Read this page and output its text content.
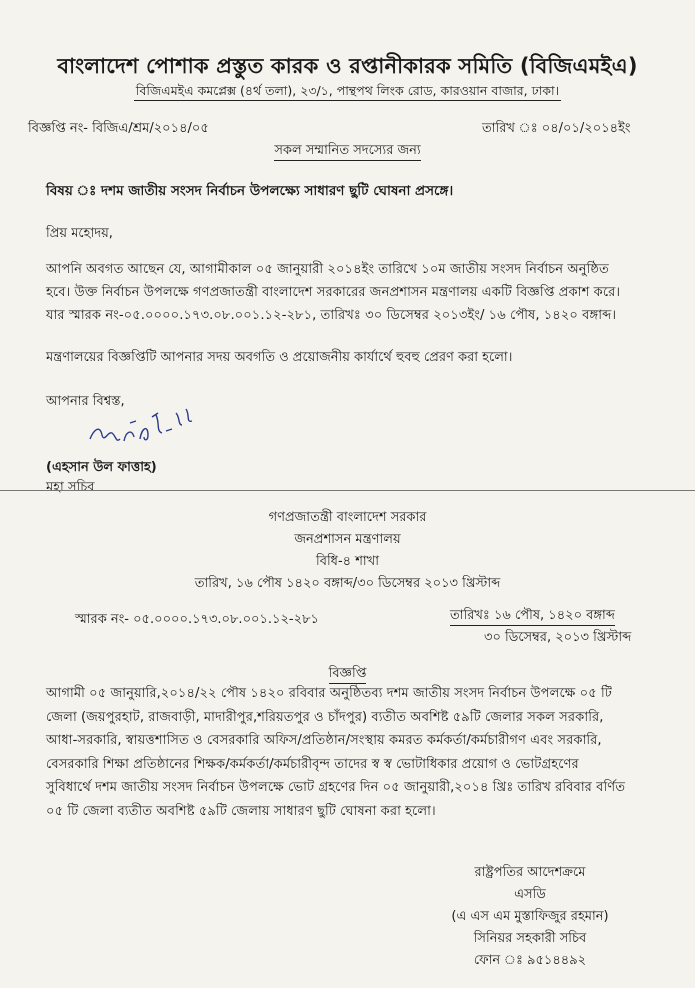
বাংলাদেশ পোশাক প্রস্তুত কারক ও রপ্তানীকারক সমিতি (বিজিএমইএ)
বিজিএমইএ কমপ্লেক্স (৪র্থ তলা), ২৩/১, পান্থপথ লিংক রোড, কারওয়ান বাজার, ঢাকা।
বিজ্ঞপ্তি নং- বিজিএ/শ্রম/২০১৪/০৫	তারিখ ঃ ০৪/০১/২০১৪ইং
সকল সম্মানিত সদস্যের জন্য
বিষয় ঃ দশম জাতীয় সংসদ নির্বাচন উপলক্ষ্যে সাধারণ ছুটি ঘোষনা প্রসঙ্গে।
প্রিয় মহোদয়,
আপনি অবগত আছেন যে, আগামীকাল ০৫ জানুয়ারী ২০১৪ইং তারিখে ১০ম জাতীয় সংসদ নির্বাচন অনুষ্ঠিত
হবে। উক্ত নির্বাচন উপলক্ষে গণপ্রজাতন্ত্রী বাংলাদেশ সরকারের জনপ্রশাসন মন্ত্রণালয় একটি বিজ্ঞপ্তি প্রকাশ করে।
যার স্মারক নং-০৫.০০০০.১৭৩.০৮.০০১.১২-২৮১, তারিখঃ ৩০ ডিসেম্বর ২০১৩ইং/ ১৬ পৌষ, ১৪২০ বঙ্গাব্দ।
মন্ত্রণালয়ের বিজ্ঞপ্তিটি আপনার সদয় অবগতি ও প্রয়োজনীয় কার্যার্থে হুবহু প্রেরণ করা হলো।
আপনার বিশ্বস্ত,
(এহসান উল ফাত্তাহ)
মহা সচিব
গণপ্রজাতন্ত্রী বাংলাদেশ সরকার
জনপ্রশাসন মন্ত্রণালয়
বিধি-৪ শাখা
তারিখ, ১৬ পৌষ ১৪২০ বঙ্গাব্দ/৩০ ডিসেম্বর ২০১৩ খ্রিস্টাব্দ
স্মারক নং- ০৫.০০০০.১৭৩.০৮.০০১.১২-২৮১	তারিখঃ ১৬ পৌষ, ১৪২০ বঙ্গাব্দ
৩০ ডিসেম্বর, ২০১৩ খ্রিস্টাব্দ
বিজ্ঞপ্তি
আগামী ০৫ জানুয়ারি,২০১৪/২২ পৌষ ১৪২০ রবিবার অনুষ্ঠিতব্য দশম জাতীয় সংসদ নির্বাচন উপলক্ষে ০৫ টি
জেলা (জয়পুরহাট, রাজবাড়ী, মাদারীপুর,শরিয়তপুর ও চাঁদপুর) ব্যতীত অবশিষ্ট ৫৯টি জেলার সকল সরকারি,
আধা-সরকারি, স্বায়ত্তশাসিত ও বেসরকারি অফিস/প্রতিষ্ঠান/সংস্থায় কমরত কর্মকর্তা/কর্মচারীগণ এবং সরকারি,
বেসরকারি শিক্ষা প্রতিষ্ঠানের শিক্ষক/কর্মকর্তা/কর্মচারীবৃন্দ তাদের স্ব স্ব ভোটাধিকার প্রয়োগ ও ভোটগ্রহণের
সুবিধার্থে দশম জাতীয় সংসদ নির্বাচন উপলক্ষে ভোট গ্রহণের দিন ০৫ জানুয়ারী,২০১৪ খ্রিঃ তারিখ রবিবার বর্ণিত
০৫ টি জেলা ব্যতীত অবশিষ্ট ৫৯টি জেলায় সাধারণ ছুটি ঘোষনা করা হলো।
রাষ্ট্রপতির আদেশক্রমে
এসডি
(এ এস এম মুস্তাফিজুর রহমান)
সিনিয়র সহকারী সচিব
ফোন ঃ ৯৫১৪৪৯২
